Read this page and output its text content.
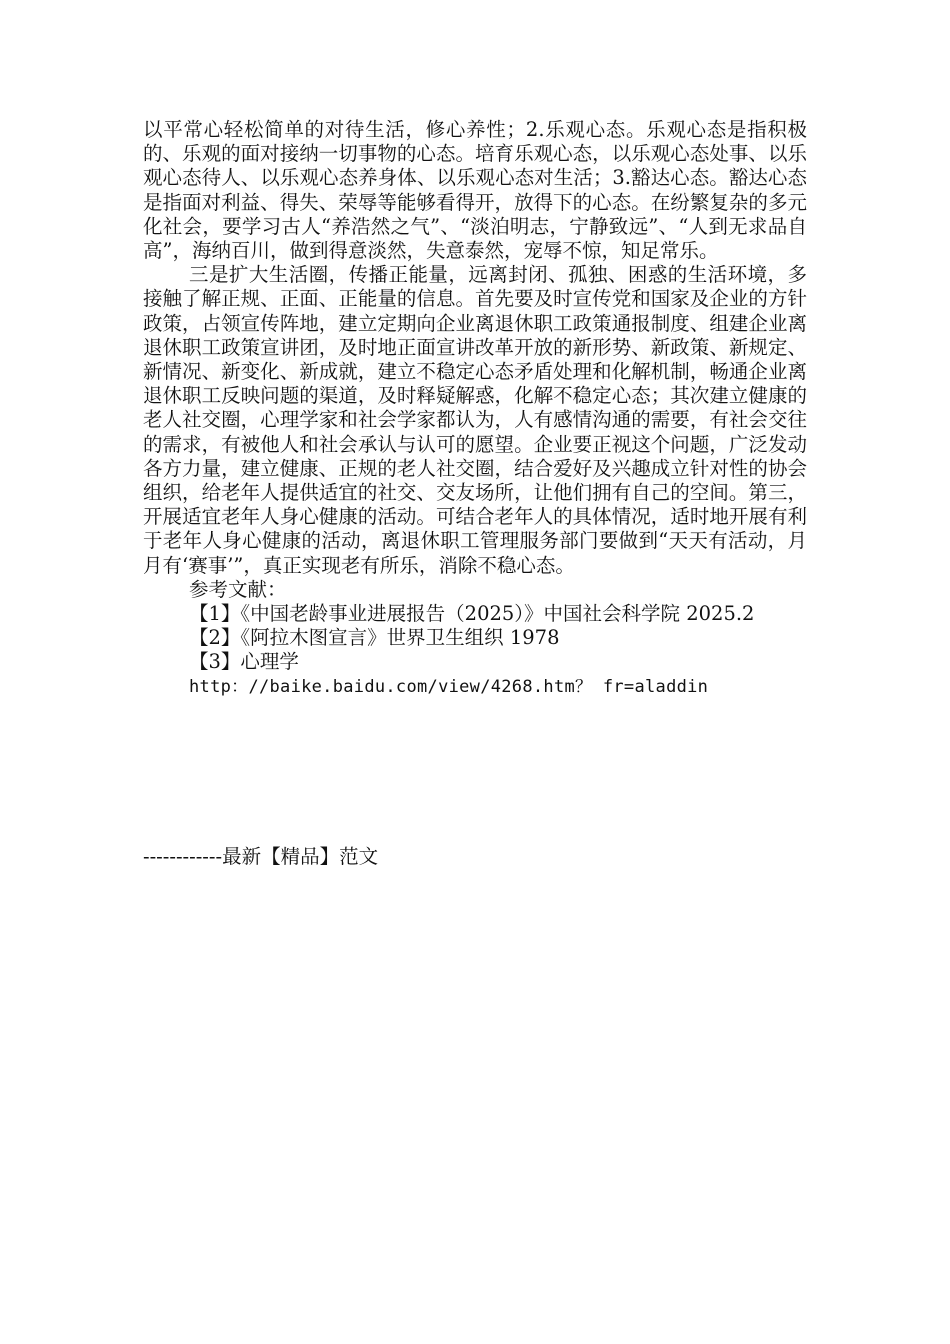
以平常心轻松简单的对待生活，修心养性；2.乐观心态。乐观心态是指积极的、乐观的面对接纳一切事物的心态。培育乐观心态，以乐观心态处事、以乐观心态待人、以乐观心态养身体、以乐观心态对生活；3.豁达心态。豁达心态是指面对利益、得失、荣辱等能够看得开，放得下的心态。在纷繁复杂的多元化社会，要学习古人“养浩然之气”、“淡泊明志，宁静致远”、“人到无求品自高”，海纳百川，做到得意淡然，失意泰然，宠辱不惊，知足常乐。

三是扩大生活圈，传播正能量，远离封闭、孤独、困惑的生活环境，多接触了解正规、正面、正能量的信息。首先要及时宣传党和国家及企业的方针政策，占领宣传阵地，建立定期向企业离退休职工政策通报制度、组建企业离退休职工政策宣讲团，及时地正面宣讲改革开放的新形势、新政策、新规定、新情况、新变化、新成就，建立不稳定心态矛盾处理和化解机制，畅通企业离退休职工反映问题的渠道，及时释疑解惑，化解不稳定心态；其次建立健康的老人社交圈，心理学家和社会学家都认为，人有感情沟通的需要，有社会交往的需求，有被他人和社会承认与认可的愿望。企业要正视这个问题，广泛发动各方力量，建立健康、正规的老人社交圈，结合爱好及兴趣成立针对性的协会组织，给老年人提供适宜的社交、交友场所，让他们拥有自己的空间。第三，开展适宜老年人身心健康的活动。可结合老年人的具体情况，适时地开展有利于老年人身心健康的活动，离退休职工管理服务部门要做到“天天有活动，月月有‘赛事’”，真正实现老有所乐，消除不稳心态。

参考文献：

【1】《中国老龄事业进展报告（2025）》中国社会科学院 2025.2

【2】《阿拉木图宣言》世界卫生组织 1978

【3】心理学

http：//baike.baidu.com/view/4268.htm？ fr=aladdin

------------最新【精品】范文
